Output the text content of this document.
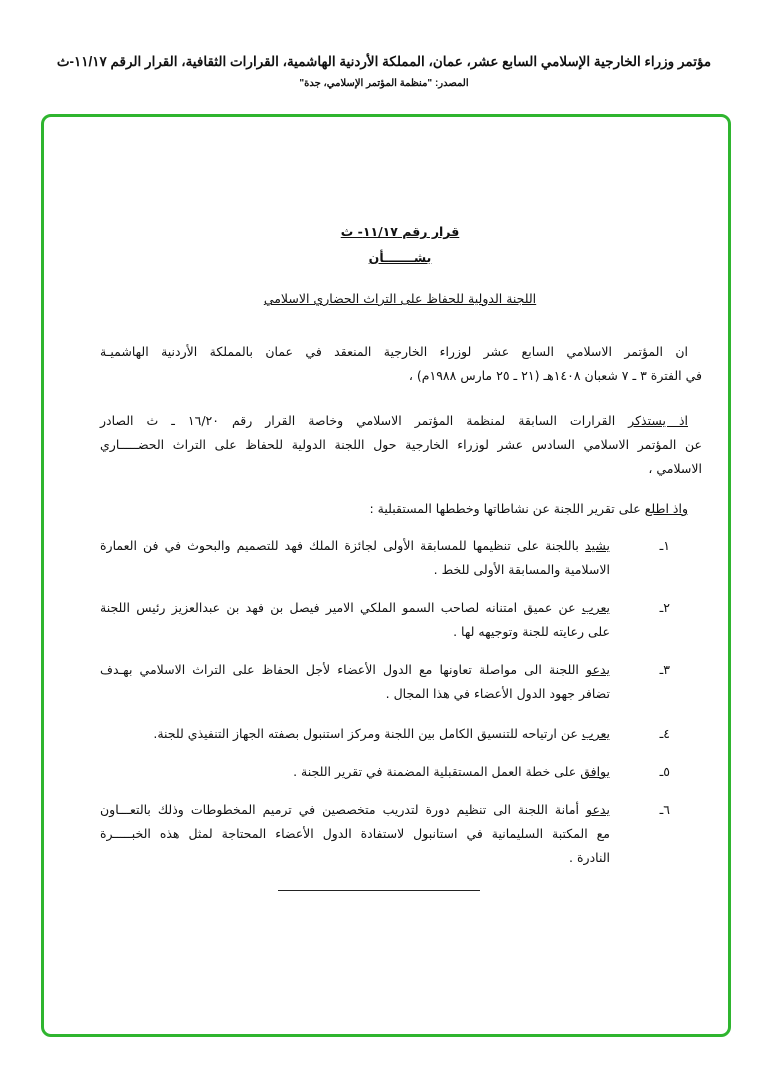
مؤتمر وزراء الخارجية الإسلامي السابع عشر، عمان، المملكة الأردنية الهاشمية، القرارات الثقافية، القرار الرقم ١١/١٧-ث
المصدر: "منظمة المؤتمر الإسلامي، جدة"
قرار رقم ١١/١٧- ث
بشـــــــأن
اللجنة الدولية للحفاظ على التراث الحضاري الاسلامي
ان المؤتمر الاسلامي السابع عشر لوزراء الخارجية المنعقد في عمان بالمملكة الأردنية الهاشميـة
في الفترة ٣ ـ ٧ شعبان ١٤٠٨هـ (٢١ ـ ٢٥ مارس ١٩٨٨م) ،
اذ يستذكر القرارات السابقة لمنظمة المؤتمر الاسلامي وخاصة القرار رقم ١٦/٢٠ ـ ث الصادر
عن المؤتمر الاسلامي السادس عشر لوزراء الخارجية حول اللجنة الدولية للحفاظ على التراث الحضـــــاري
الاسلامي ،
واذ اطلع على تقرير اللجنة عن نشاطاتها وخططها المستقبلية :
١ـ
يشيد باللجنة على تنظيمها للمسابقة الأولى لجائزة الملك فهد للتصميم والبحوث في فن العمارة
الاسلامية والمسابقة الأولى للخط .
٢ـ
يعرب عن عميق امتنانه لصاحب السمو الملكي الامير فيصل بن فهد بن عبدالعزيز رئيس اللجنة
على رعايته للجنة وتوجيهه لها .
٣ـ
يدعو اللجنة الى مواصلة تعاونها مع الدول الأعضاء لأجل الحفاظ على التراث الاسلامي بهـدف
تضافر جهود الدول الأعضاء في هذا المجال .
٤ـ
يعرب عن ارتياحه للتنسيق الكامل بين اللجنة ومركز استنبول بصفته الجهاز التنفيذي للجنة.
٥ـ
يوافق على خطة العمل المستقبلية المضمنة في تقرير اللجنة .
٦ـ
يدعو أمانة اللجنة الى تنظيم دورة لتدريب متخصصين في ترميم المخطوطات وذلك بالتعـــاون
مع المكتبة السليمانية في استانبول لاستفادة الدول الأعضاء المحتاجة لمثل هذه الخبـــــرة
النادرة .
